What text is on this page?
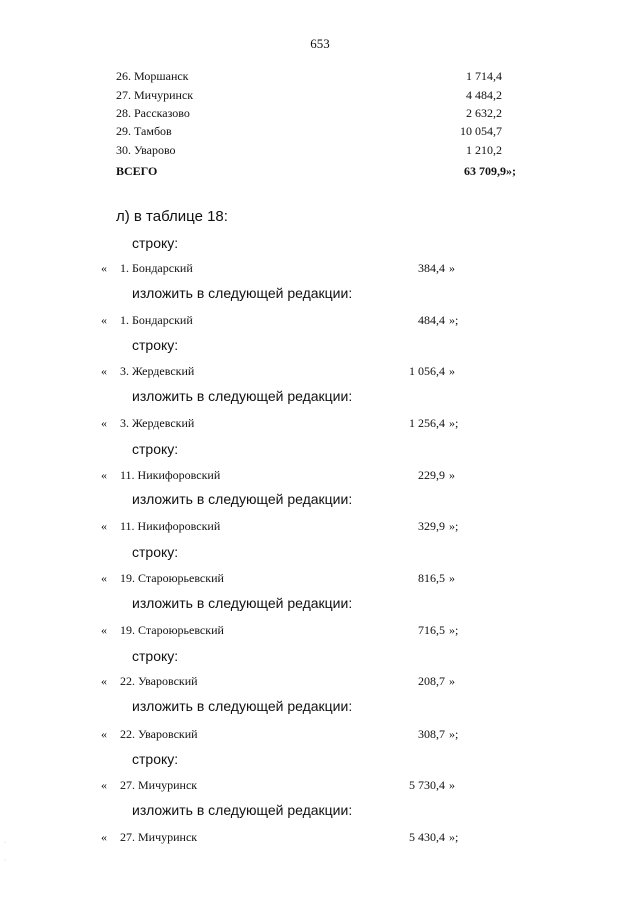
653
26. Моршанск	1 714,4
27. Мичуринск	4 484,2
28. Рассказово	2 632,2
29. Тамбов	10 054,7
30. Уварово	1 210,2
ВСЕГО	63 709,9»;
л) в таблице 18:
строку:
« 1. Бондарский	384,4 »
изложить в следующей редакции:
« 1. Бондарский	484,4 »;
строку:
« 3. Жердевский	1 056,4 »
изложить в следующей редакции:
« 3. Жердевский	1 256,4 »;
строку:
« 11. Никифоровский	229,9 »
изложить в следующей редакции:
« 11. Никифоровский	329,9 »;
строку:
« 19. Староюрьевский	816,5 »
изложить в следующей редакции:
« 19. Староюрьевский	716,5 »;
строку:
« 22. Уваровский	208,7 »
изложить в следующей редакции:
« 22. Уваровский	308,7 »;
строку:
« 27. Мичуринск	5 730,4 »
изложить в следующей редакции:
« 27. Мичуринск	5 430,4 »;
·
·
